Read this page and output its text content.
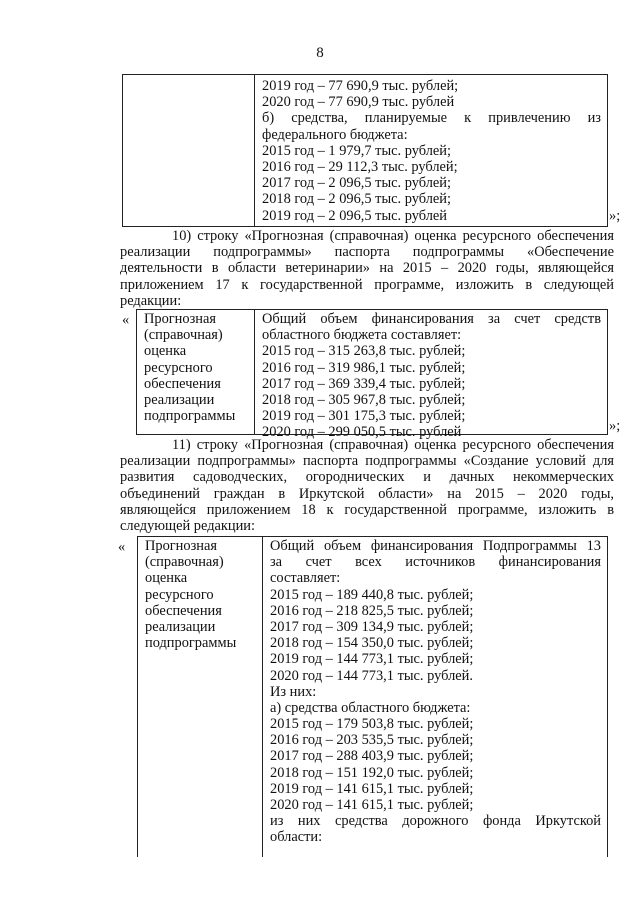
8
2019 год – 77 690,9 тыс. рублей;
2020 год – 77 690,9 тыс. рублей
б) средства, планируемые к привлечению из
федерального бюджета:
2015 год – 1 979,7 тыс. рублей;
2016 год – 29 112,3 тыс. рублей;
2017 год – 2 096,5 тыс. рублей;
2018 год – 2 096,5 тыс. рублей;
2019 год – 2 096,5 тыс. рублей	»;
10) строку «Прогнозная (справочная) оценка ресурсного обеспечения
реализации подпрограммы» паспорта подпрограммы «Обеспечение
деятельности в области ветеринарии» на 2015 – 2020 годы, являющейся
приложением 17 к государственной программе, изложить в следующей
редакции:
« Прогнозная
(справочная)
оценка
ресурсного
обеспечения
реализации
подпрограммы
Общий объем финансирования за счет средств
областного бюджета составляет:
2015 год – 315 263,8 тыс. рублей;
2016 год – 319 986,1 тыс. рублей;
2017 год – 369 339,4 тыс. рублей;
2018 год – 305 967,8 тыс. рублей;
2019 год – 301 175,3 тыс. рублей;
2020 год – 299 050,5 тыс. рублей	»;
11) строку «Прогнозная (справочная) оценка ресурсного обеспечения
реализации подпрограммы» паспорта подпрограммы «Создание условий для
развития садоводческих, огороднических и дачных некоммерческих
объединений граждан в Иркутской области» на 2015 – 2020 годы,
являющейся приложением 18 к государственной программе, изложить в
следующей редакции:
« Прогнозная
(справочная)
оценка
ресурсного
обеспечения
реализации
подпрограммы
Общий объем финансирования Подпрограммы 13
за счет всех источников финансирования
составляет:
2015 год – 189 440,8 тыс. рублей;
2016 год – 218 825,5 тыс. рублей;
2017 год – 309 134,9 тыс. рублей;
2018 год – 154 350,0 тыс. рублей;
2019 год – 144 773,1 тыс. рублей;
2020 год – 144 773,1 тыс. рублей.
Из них:
а) средства областного бюджета:
2015 год – 179 503,8 тыс. рублей;
2016 год – 203 535,5 тыс. рублей;
2017 год – 288 403,9 тыс. рублей;
2018 год – 151 192,0 тыс. рублей;
2019 год – 141 615,1 тыс. рублей;
2020 год – 141 615,1 тыс. рублей;
из них средства дорожного фонда Иркутской
области:
